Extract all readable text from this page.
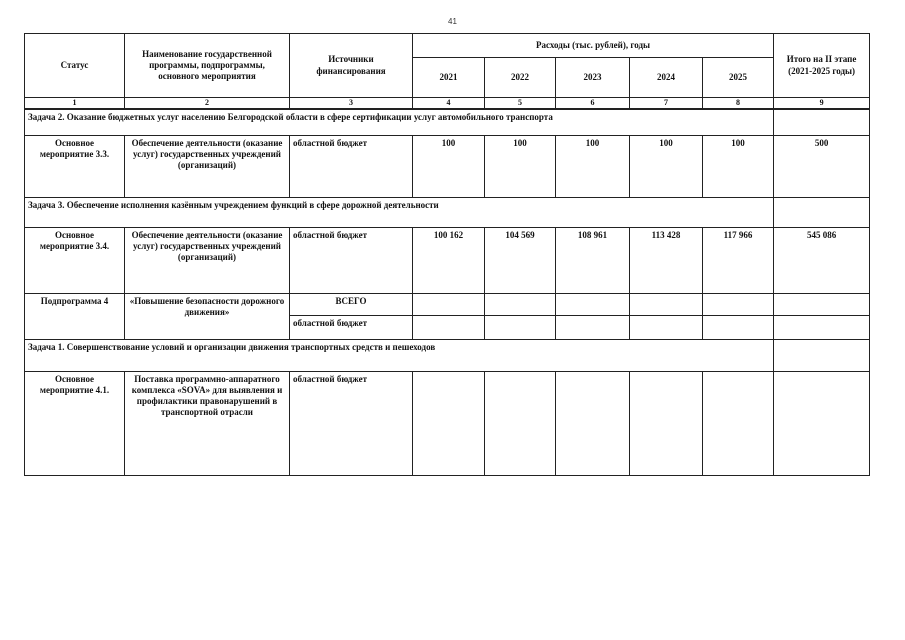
41
Статус	Наименование государственной программы, подпрограммы, основного мероприятия	Источники финансирования	Расходы (тыс. рублей), годы					Итого на II этапе (2021-2025 годы)
			2021	2022	2023	2024	2025	
1	2	3	4	5	6	7	8	9
Задача 2. Оказание бюджетных услуг населению Белгородской области в сфере сертификации услуг автомобильного транспорта								
Основное мероприятие 3.3.	Обеспечение деятельности (оказание услуг) государственных учреждений (организаций)	областной бюджет	100	100	100	100	100	500
Задача 3. Обеспечение исполнения казённым учреждением функций в сфере дорожной деятельности								
Основное мероприятие 3.4.	Обеспечение деятельности (оказание услуг) государственных учреждений (организаций)	областной бюджет	100 162	104 569	108 961	113 428	117 966	545 086
Подпрограмма 4	«Повышение безопасности дорожного движения»	ВСЕГО						
		областной бюджет						
Задача 1. Совершенствование условий и организации движения транспортных средств и пешеходов								
Основное мероприятие 4.1.	Поставка программно-аппаратного комплекса «SOVA» для выявления и профилактики правонарушений в транспортной отрасли	областной бюджет						
